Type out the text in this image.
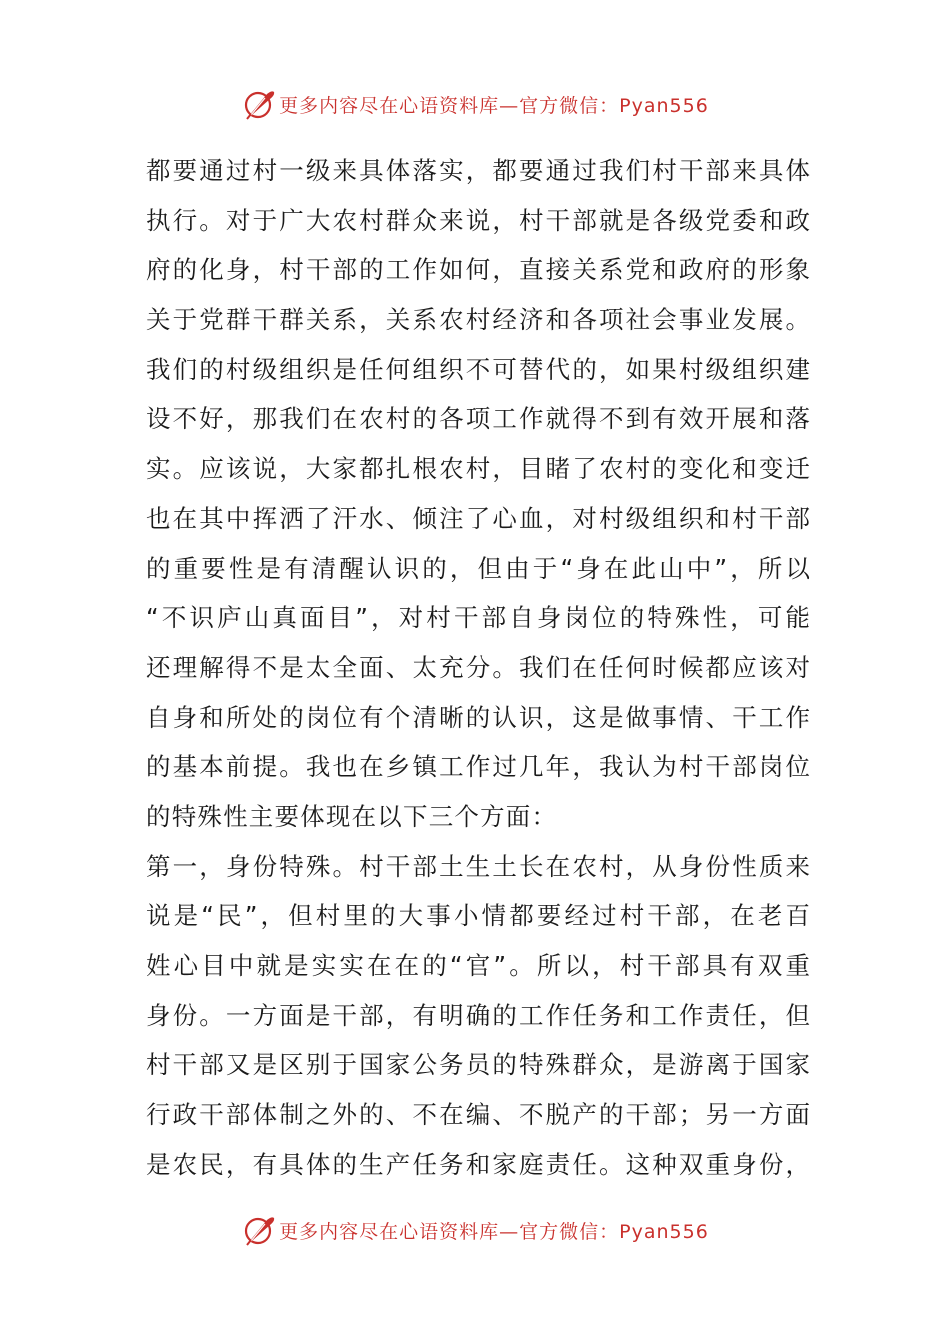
更多内容尽在心语资料库—官方微信：Pyan556
都要通过村一级来具体落实，都要通过我们村干部来具体
执行。对于广大农村群众来说，村干部就是各级党委和政
府的化身，村干部的工作如何，直接关系党和政府的形象
关于党群干群关系，关系农村经济和各项社会事业发展。
我们的村级组织是任何组织不可替代的，如果村级组织建
设不好，那我们在农村的各项工作就得不到有效开展和落
实。应该说，大家都扎根农村，目睹了农村的变化和变迁
也在其中挥洒了汗水、倾注了心血，对村级组织和村干部
的重要性是有清醒认识的，但由于“身在此山中”，所以
“不识庐山真面目”，对村干部自身岗位的特殊性，可能
还理解得不是太全面、太充分。我们在任何时候都应该对
自身和所处的岗位有个清晰的认识，这是做事情、干工作
的基本前提。我也在乡镇工作过几年，我认为村干部岗位
的特殊性主要体现在以下三个方面：
第一，身份特殊。村干部土生土长在农村，从身份性质来
说是“民”，但村里的大事小情都要经过村干部，在老百
姓心目中就是实实在在的“官”。所以，村干部具有双重
身份。一方面是干部，有明确的工作任务和工作责任，但
村干部又是区别于国家公务员的特殊群众，是游离于国家
行政干部体制之外的、不在编、不脱产的干部；另一方面
是农民，有具体的生产任务和家庭责任。这种双重身份，
更多内容尽在心语资料库—官方微信：Pyan556
